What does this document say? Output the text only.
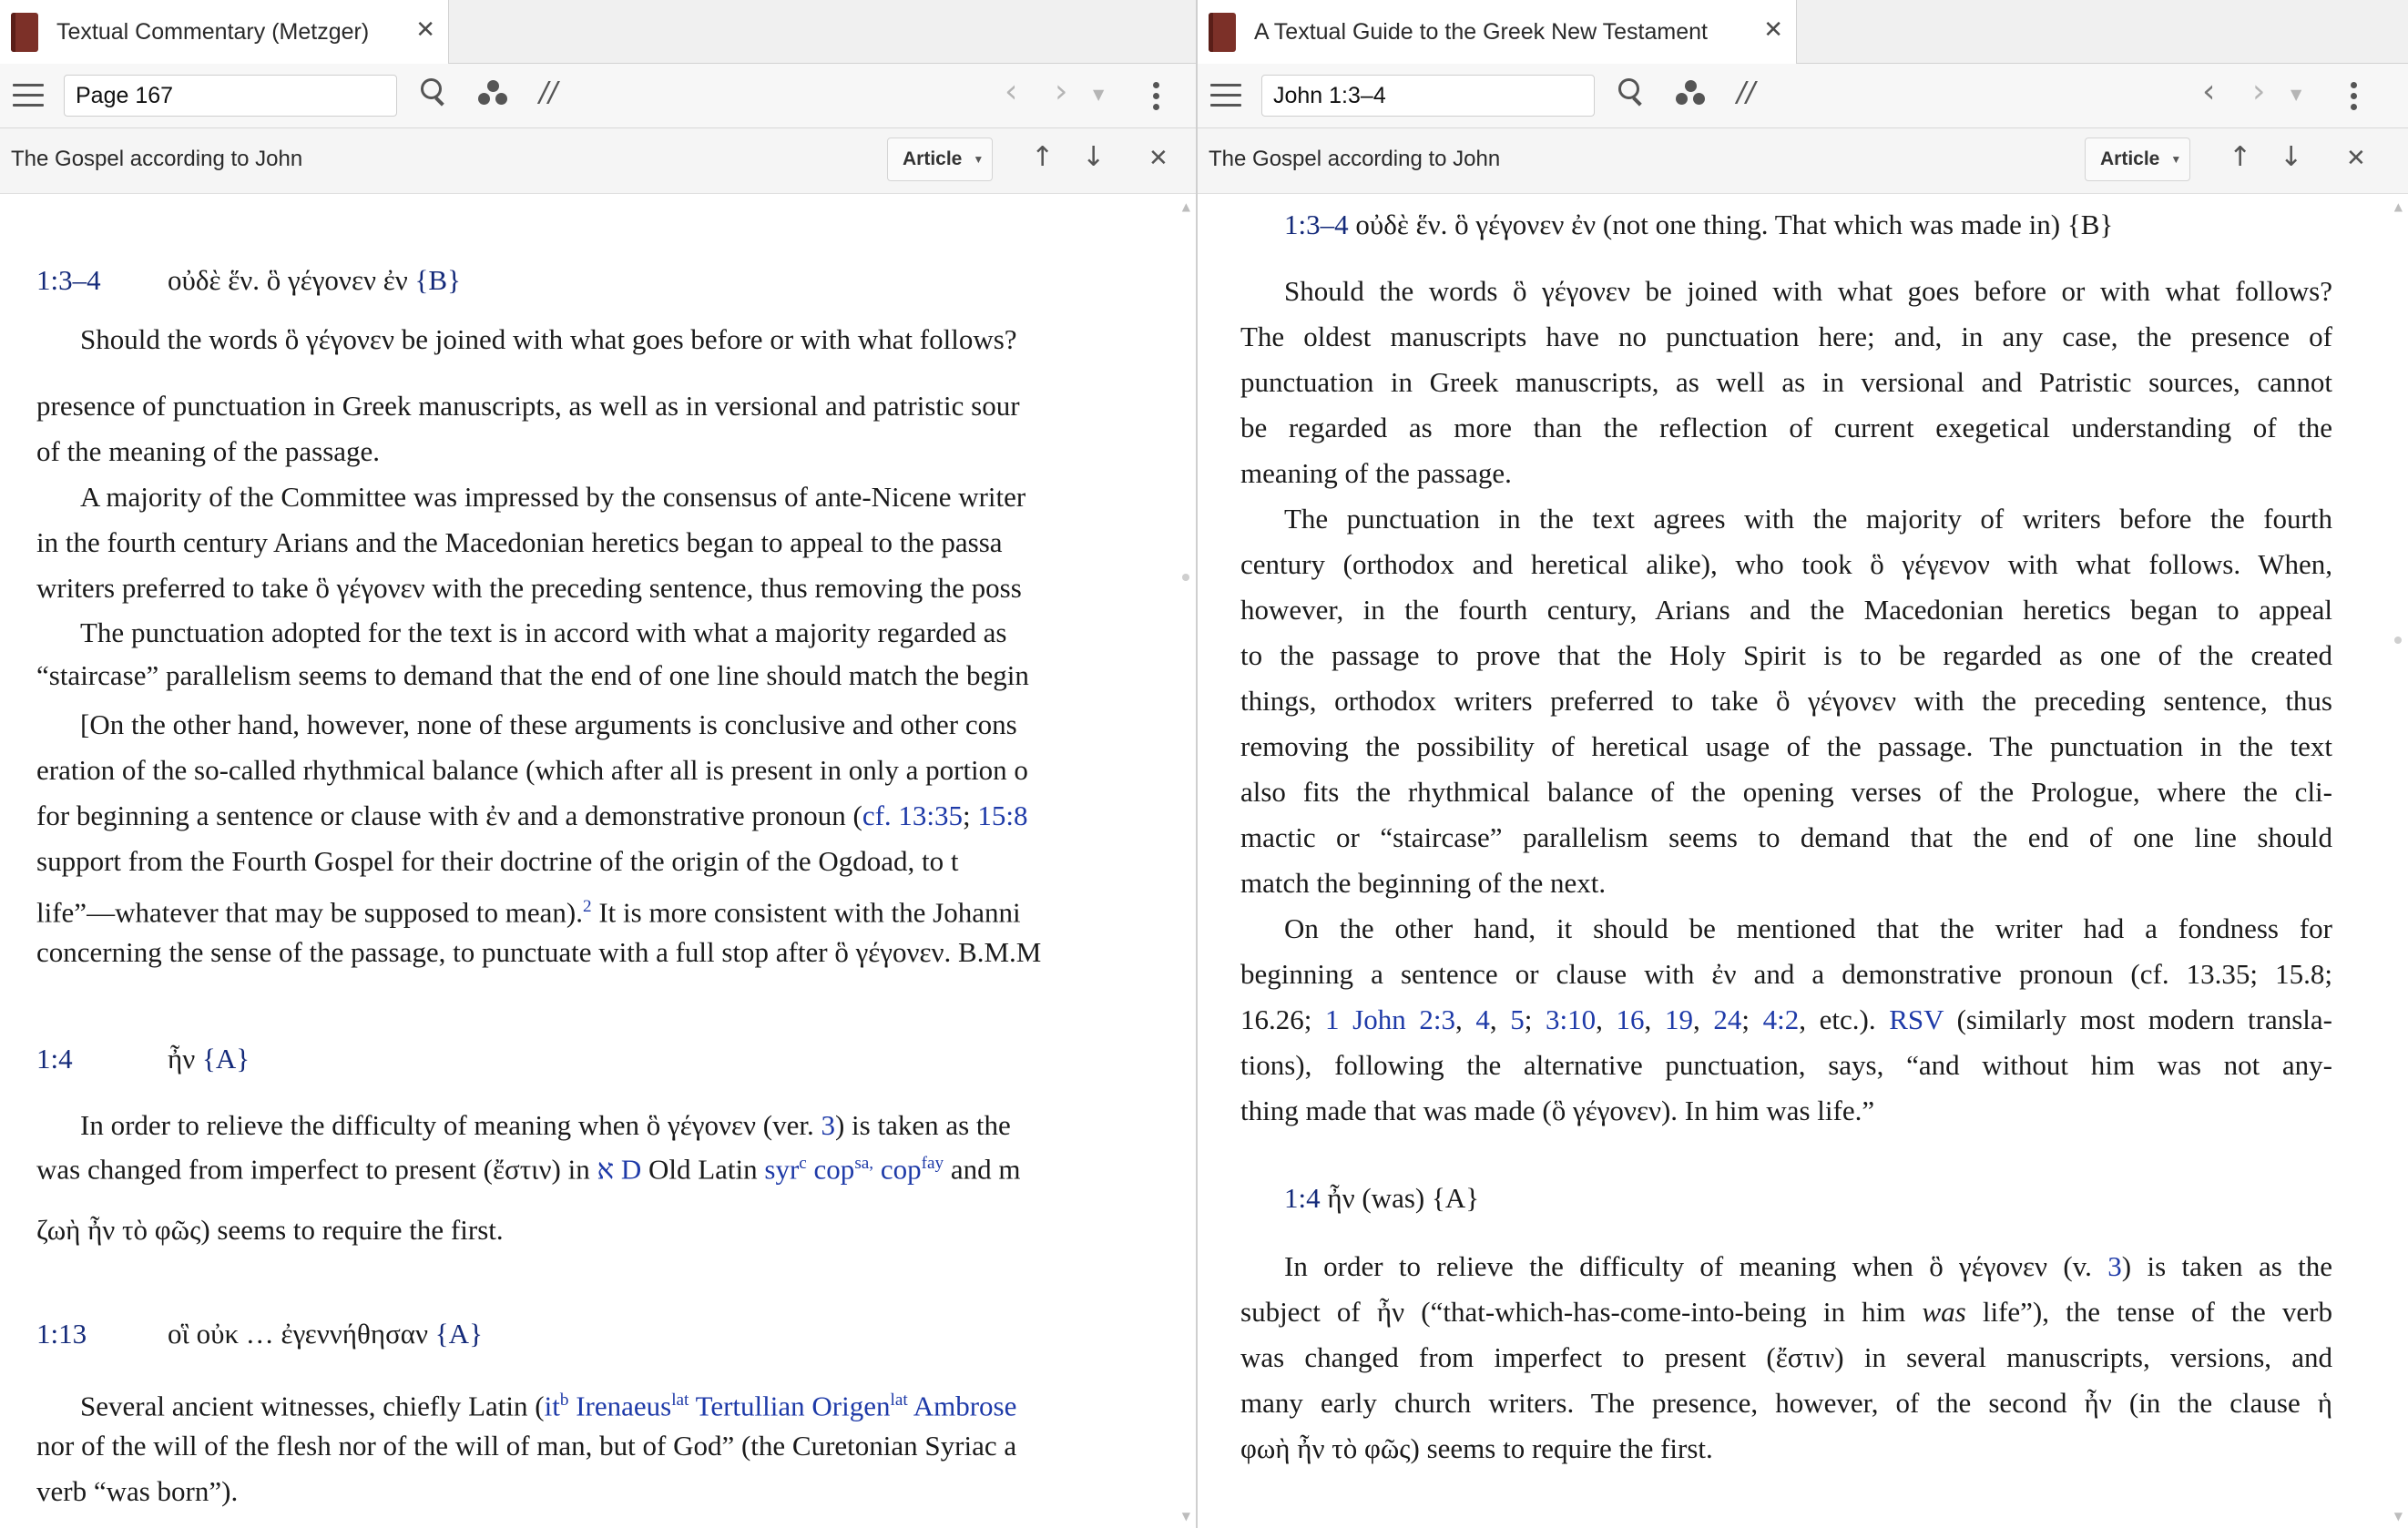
Textual Commentary (Metzger) ✕
Page 167
//	‹ › ▼
The Gospel according to John	Article ▼ ↑ ↓ ✕
1:3–4 οὐδὲ ἕν. ὃ γέγονεν ἐν {B}
Should the words ὃ γέγονεν be joined with what goes before or with what follows?
presence of punctuation in Greek manuscripts, as well as in versional and patristic sour
of the meaning of the passage.
A majority of the Committee was impressed by the consensus of ante-Nicene writer
in the fourth century Arians and the Macedonian heretics began to appeal to the passa
writers preferred to take ὃ γέγονεν with the preceding sentence, thus removing the poss
The punctuation adopted for the text is in accord with what a majority regarded as
“staircase” parallelism seems to demand that the end of one line should match the begin
[On the other hand, however, none of these arguments is conclusive and other cons
eration of the so-called rhythmical balance (which after all is present in only a portion o
for beginning a sentence or clause with ἐν and a demonstrative pronoun (cf. 13:35; 15:8
support from the Fourth Gospel for their doctrine of the origin of the Ogdoad, to t
life”—whatever that may be supposed to mean).$^2$ It is more consistent with the Johanni
concerning the sense of the passage, to punctuate with a full stop after ὃ γέγονεν. B.M.M
1:4	ἦν {A}
In order to relieve the difficulty of meaning when ὃ γέγονεν (ver. 3) is taken as the
was changed from imperfect to present (ἔστιν) in א D Old Latin syr$^c$ cop$^{sa,}$ cop$^{fay}$ and m
ζωὴ ἦν τὸ φῶς) seems to require the first.
1:13	οἳ οὐκ … ἐγεννήθησαν {A}
Several ancient witnesses, chiefly Latin ($it^b$ Irenaeus$^{lat}$ Tertullian Origen$^{lat}$ Ambrose
nor of the will of the flesh nor of the will of man, but of God” (the Curetonian Syriac a
verb “was born”).
▲
▼
A Textual Guide to the Greek New Testament ✕
John 1:3–4
//	‹ › ▼
The Gospel according to John	Article ▼ ↑ ↓ ✕
1:3–4 οὐδὲ ἕν. ὃ γέγονεν ἐν (not one thing. That which was made in) {B}
Should the words ὃ γέγονεν be joined with what goes before or with what follows?
The oldest manuscripts have no punctuation here; and, in any case, the presence of
punctuation in Greek manuscripts, as well as in versional and Patristic sources, cannot
be regarded as more than the reflection of current exegetical understanding of the
meaning of the passage.
The punctuation in the text agrees with the majority of writers before the fourth
century (orthodox and heretical alike), who took ὃ γέγενον with what follows. When,
however, in the fourth century, Arians and the Macedonian heretics began to appeal
to the passage to prove that the Holy Spirit is to be regarded as one of the created
things, orthodox writers preferred to take ὃ γέγονεν with the preceding sentence, thus
removing the possibility of heretical usage of the passage. The punctuation in the text
also fits the rhythmical balance of the opening verses of the Prologue, where the cli-
mactic or “staircase” parallelism seems to demand that the end of one line should
match the beginning of the next.
On the other hand, it should be mentioned that the writer had a fondness for
beginning a sentence or clause with ἐν and a demonstrative pronoun (cf. 13.35; 15.8;
16.26; 1 John 2:3, 4, 5; 3:10, 16, 19, 24; 4:2, etc.). RSV (similarly most modern transla-
tions), following the alternative punctuation, says, “and without him was not any-
thing made that was made (ὃ γέγονεν). In him was life.”
1:4 ἦν (was) {A}
In order to relieve the difficulty of meaning when ὃ γέγονεν (v. 3) is taken as the
subject of ἦν (“that-which-has-come-into-being in him was life”), the tense of the verb
was changed from imperfect to present (ἔστιν) in several manuscripts, versions, and
many early church writers. The presence, however, of the second ἦν (in the clause ἡ
φωὴ ἦν τὸ φῶς) seems to require the first.
▲
▼
